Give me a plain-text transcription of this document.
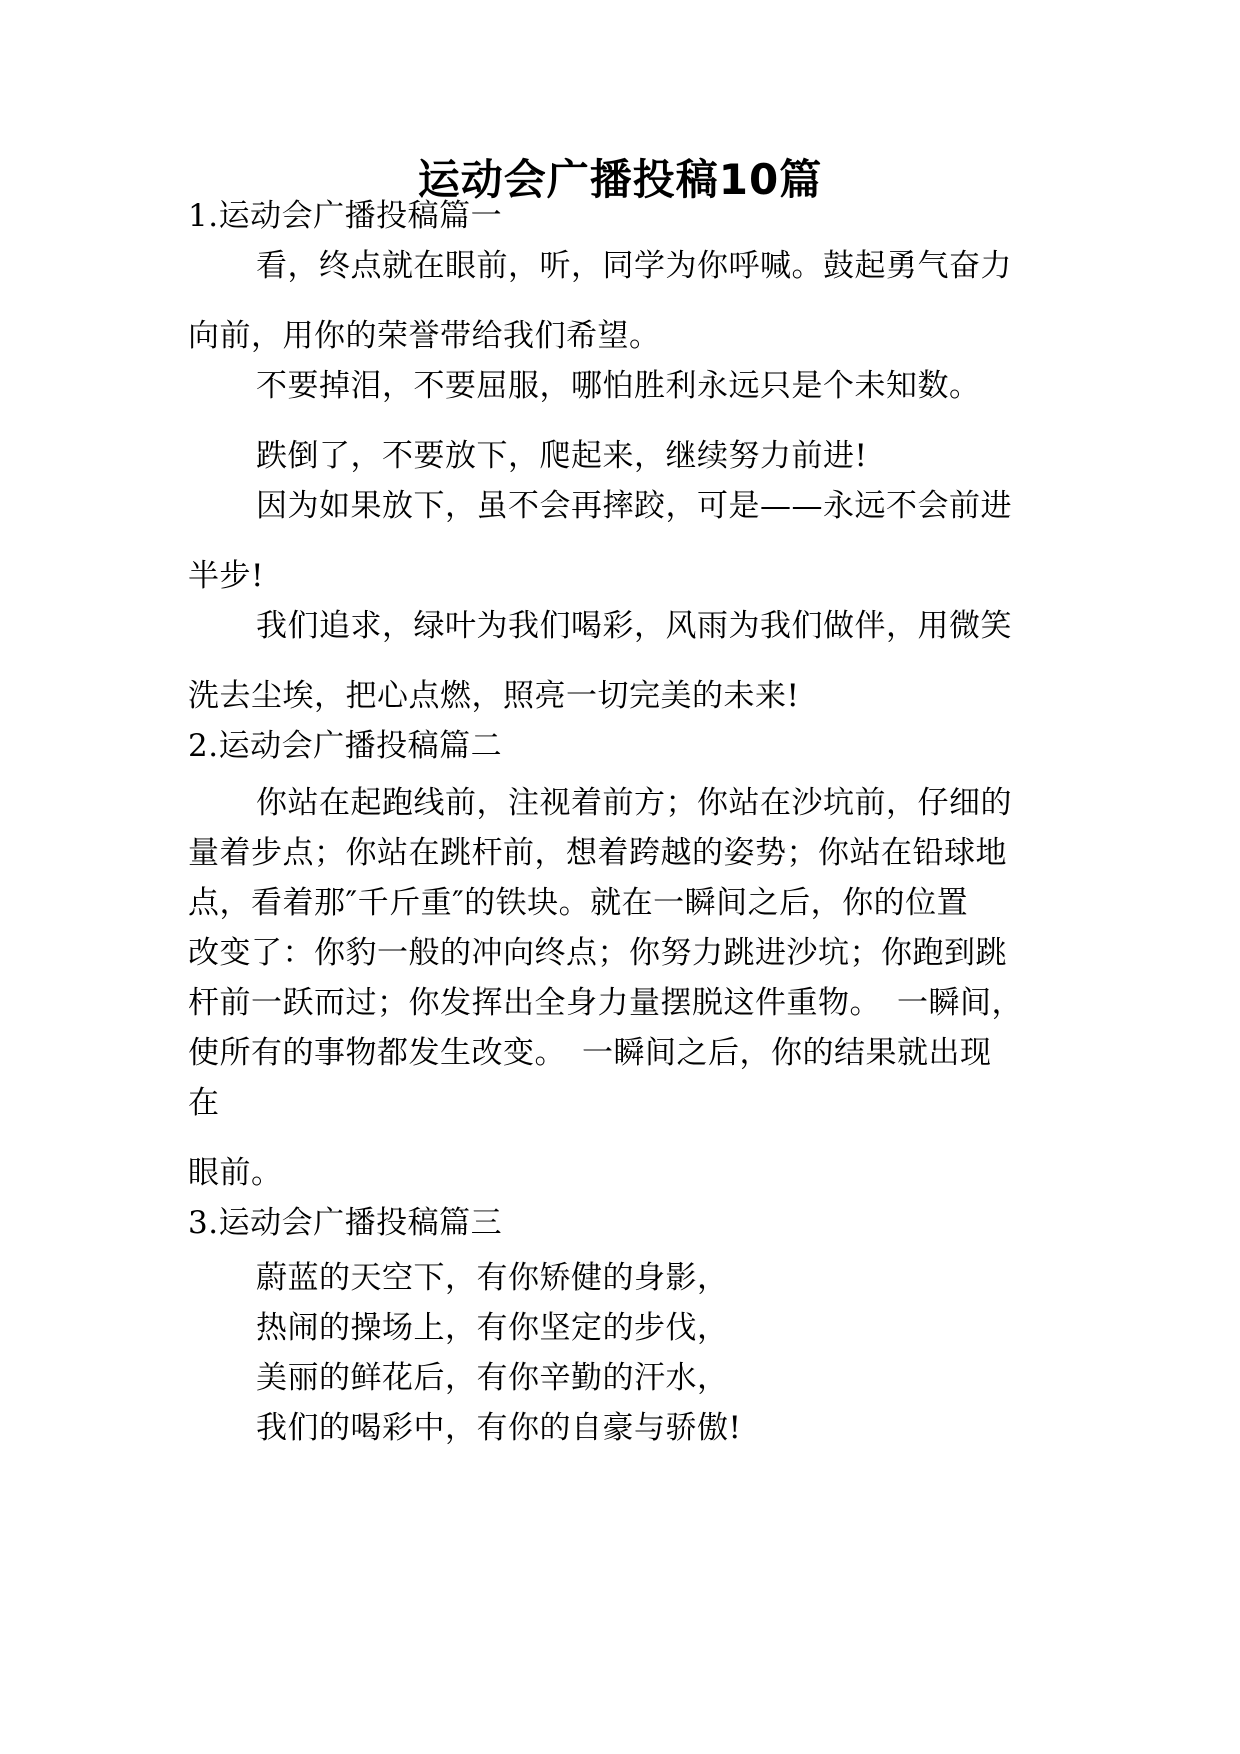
运动会广播投稿10篇
1.运动会广播投稿篇一
看，终点就在眼前，听，同学为你呼喊。鼓起勇气奋力
向前，用你的荣誉带给我们希望。
不要掉泪，不要屈服，哪怕胜利永远只是个未知数。
跌倒了，不要放下，爬起来，继续努力前进!
因为如果放下，虽不会再摔跤，可是——永远不会前进
半步!
我们追求，绿叶为我们喝彩，风雨为我们做伴，用微笑
洗去尘埃，把心点燃，照亮一切完美的未来!
2.运动会广播投稿篇二
你站在起跑线前，注视着前方；你站在沙坑前，仔细的
量着步点；你站在跳杆前，想着跨越的姿势；你站在铅球地
点，看着那″千斤重″的铁块。就在一瞬间之后，你的位置
改变了：你豹一般的冲向终点；你努力跳进沙坑；你跑到跳
杆前一跃而过；你发挥出全身力量摆脱这件重物。　一瞬间，
使所有的事物都发生改变。　一瞬间之后，你的结果就出现
在
眼前。
3.运动会广播投稿篇三
蔚蓝的天空下，有你矫健的身影，
热闹的操场上，有你坚定的步伐，
美丽的鲜花后，有你辛勤的汗水，
我们的喝彩中，有你的自豪与骄傲!
